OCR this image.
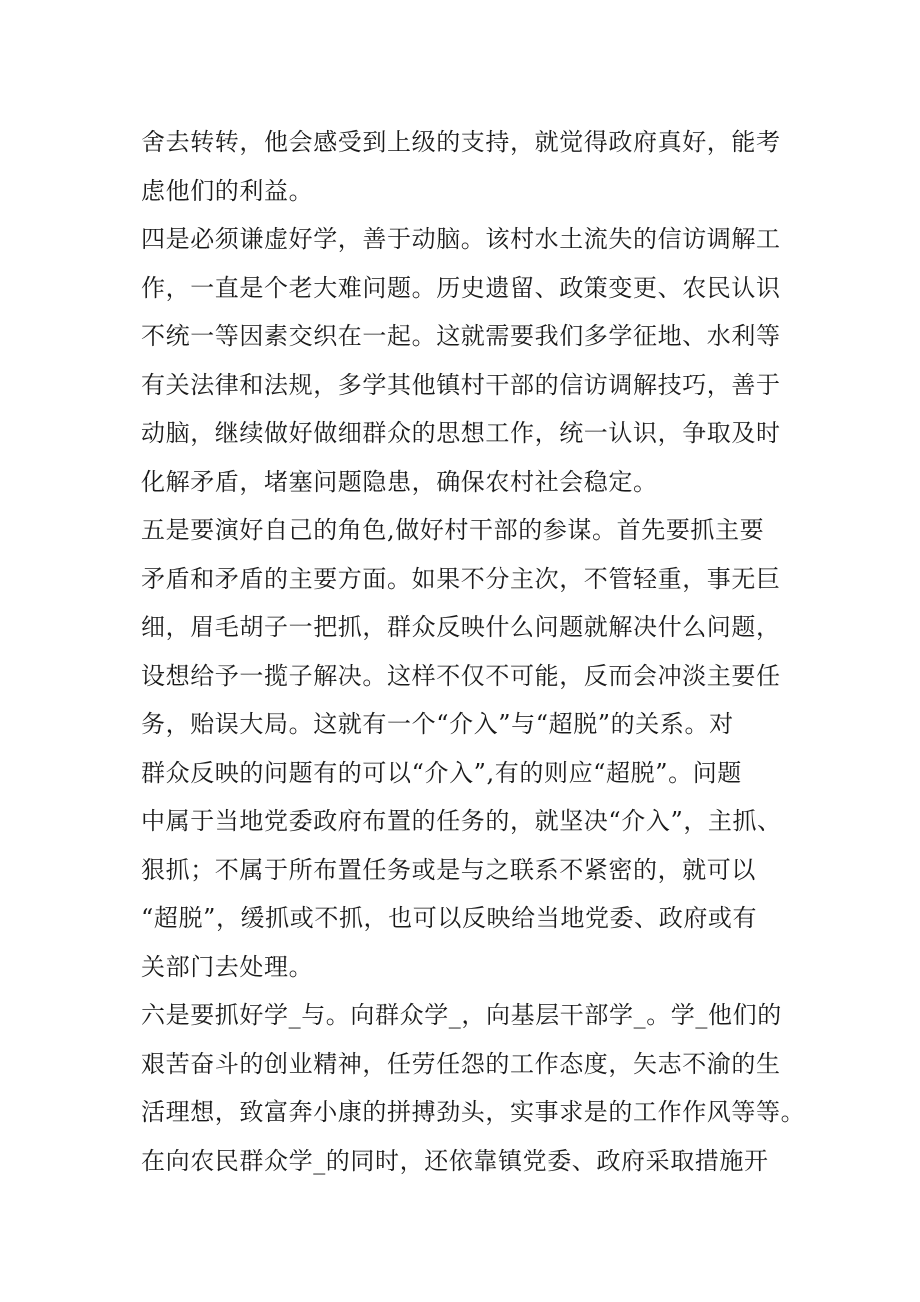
舍去转转，他会感受到上级的支持，就觉得政府真好，能考
虑他们的利益。
四是必须谦虚好学，善于动脑。该村水土流失的信访调解工
作，一直是个老大难问题。历史遗留、政策变更、农民认识
不统一等因素交织在一起。这就需要我们多学征地、水利等
有关法律和法规，多学其他镇村干部的信访调解技巧，善于
动脑，继续做好做细群众的思想工作，统一认识，争取及时
化解矛盾，堵塞问题隐患，确保农村社会稳定。
五是要演好自己的角色,做好村干部的参谋。首先要抓主要
矛盾和矛盾的主要方面。如果不分主次，不管轻重，事无巨
细，眉毛胡子一把抓，群众反映什么问题就解决什么问题，
设想给予一揽子解决。这样不仅不可能，反而会冲淡主要任
务，贻误大局。这就有一个“介入”与“超脱”的关系。对
群众反映的问题有的可以“介入”,有的则应“超脱”。问题
中属于当地党委政府布置的任务的，就坚决“介入”，主抓、
狠抓；不属于所布置任务或是与之联系不紧密的，就可以
“超脱”，缓抓或不抓，也可以反映给当地党委、政府或有
关部门去处理。
六是要抓好学_与。向群众学_，向基层干部学_。学_他们的
艰苦奋斗的创业精神，任劳任怨的工作态度，矢志不渝的生
活理想，致富奔小康的拼搏劲头，实事求是的工作作风等等。
在向农民群众学_的同时，还依靠镇党委、政府采取措施开
